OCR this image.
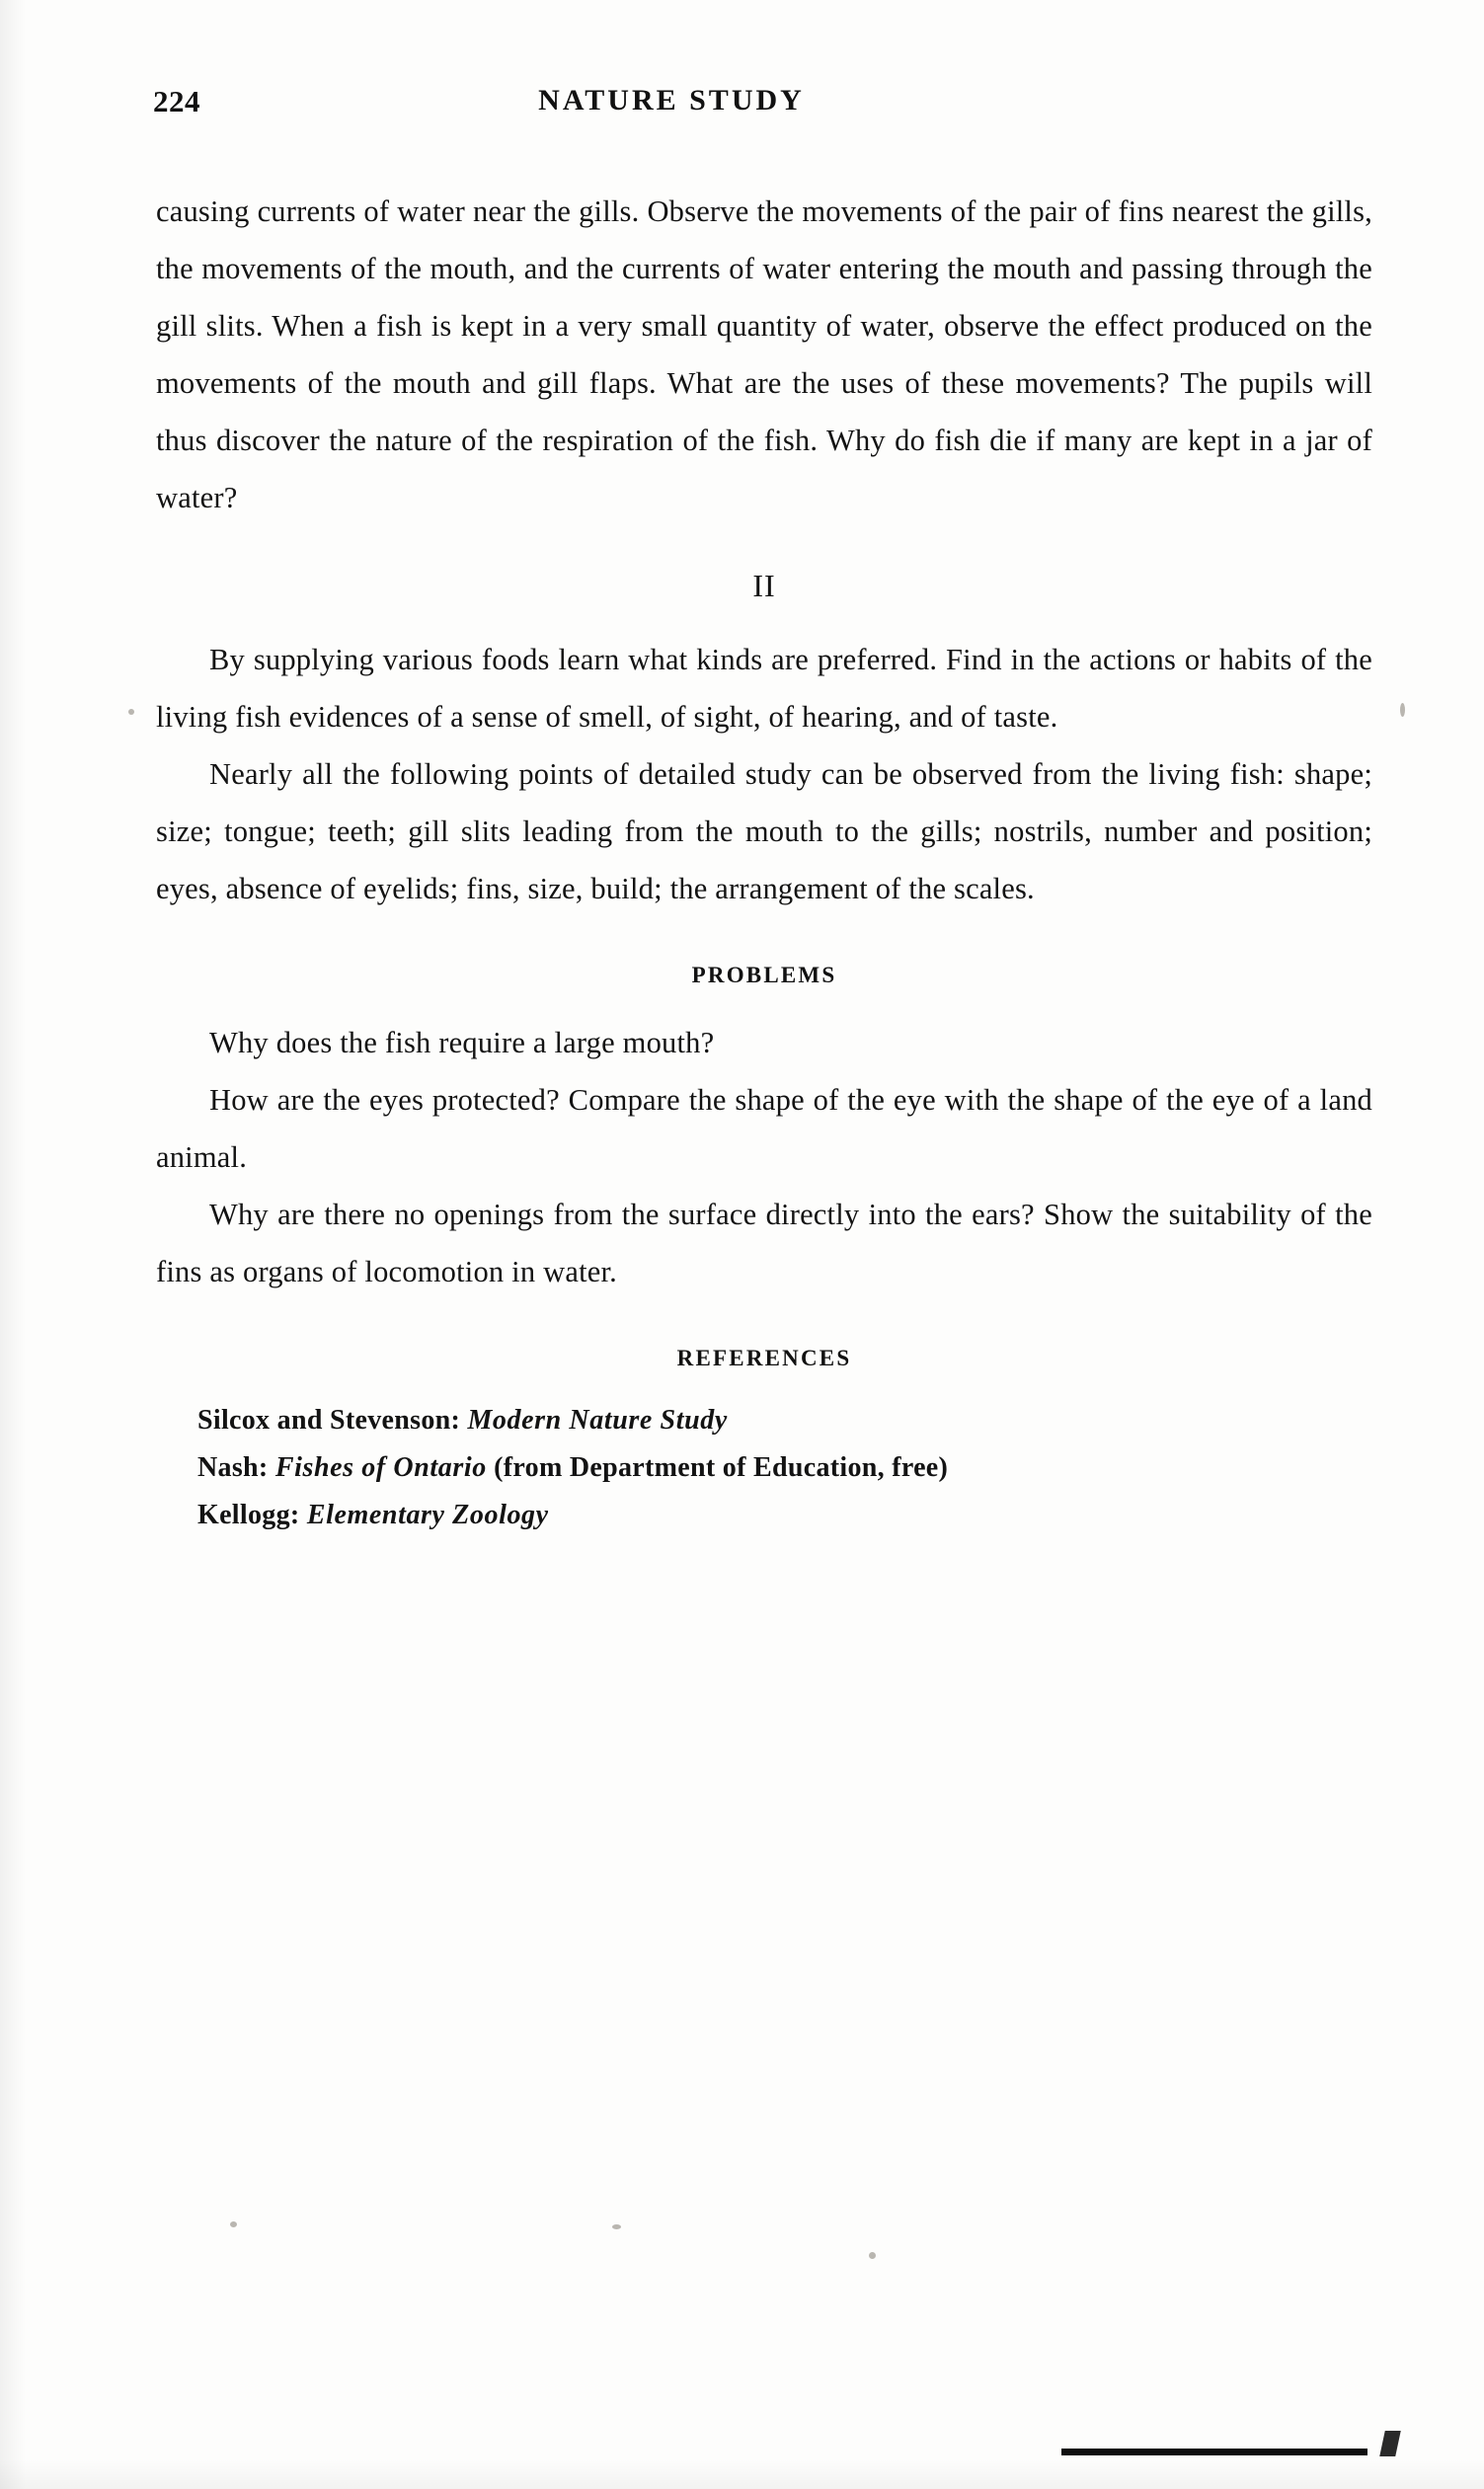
224	NATURE STUDY

causing currents of water near the gills. Observe the movements of the pair of fins nearest the gills, the movements of the mouth, and the currents of water entering the mouth and passing through the gill slits. When a fish is kept in a very small quantity of water, observe the effect produced on the movements of the mouth and gill flaps. What are the uses of these movements? The pupils will thus discover the nature of the respiration of the fish. Why do fish die if many are kept in a jar of water?

II

By supplying various foods learn what kinds are preferred. Find in the actions or habits of the living fish evidences of a sense of smell, of sight, of hearing, and of taste.

Nearly all the following points of detailed study can be observed from the living fish: shape; size; tongue; teeth; gill slits leading from the mouth to the gills; nostrils, number and position; eyes, absence of eyelids; fins, size, build; the arrangement of the scales.

PROBLEMS

Why does the fish require a large mouth?

How are the eyes protected? Compare the shape of the eye with the shape of the eye of a land animal.

Why are there no openings from the surface directly into the ears? Show the suitability of the fins as organs of locomotion in water.

REFERENCES

Silcox and Stevenson: Modern Nature Study

Nash: Fishes of Ontario (from Department of Education, free)

Kellogg: Elementary Zoology
